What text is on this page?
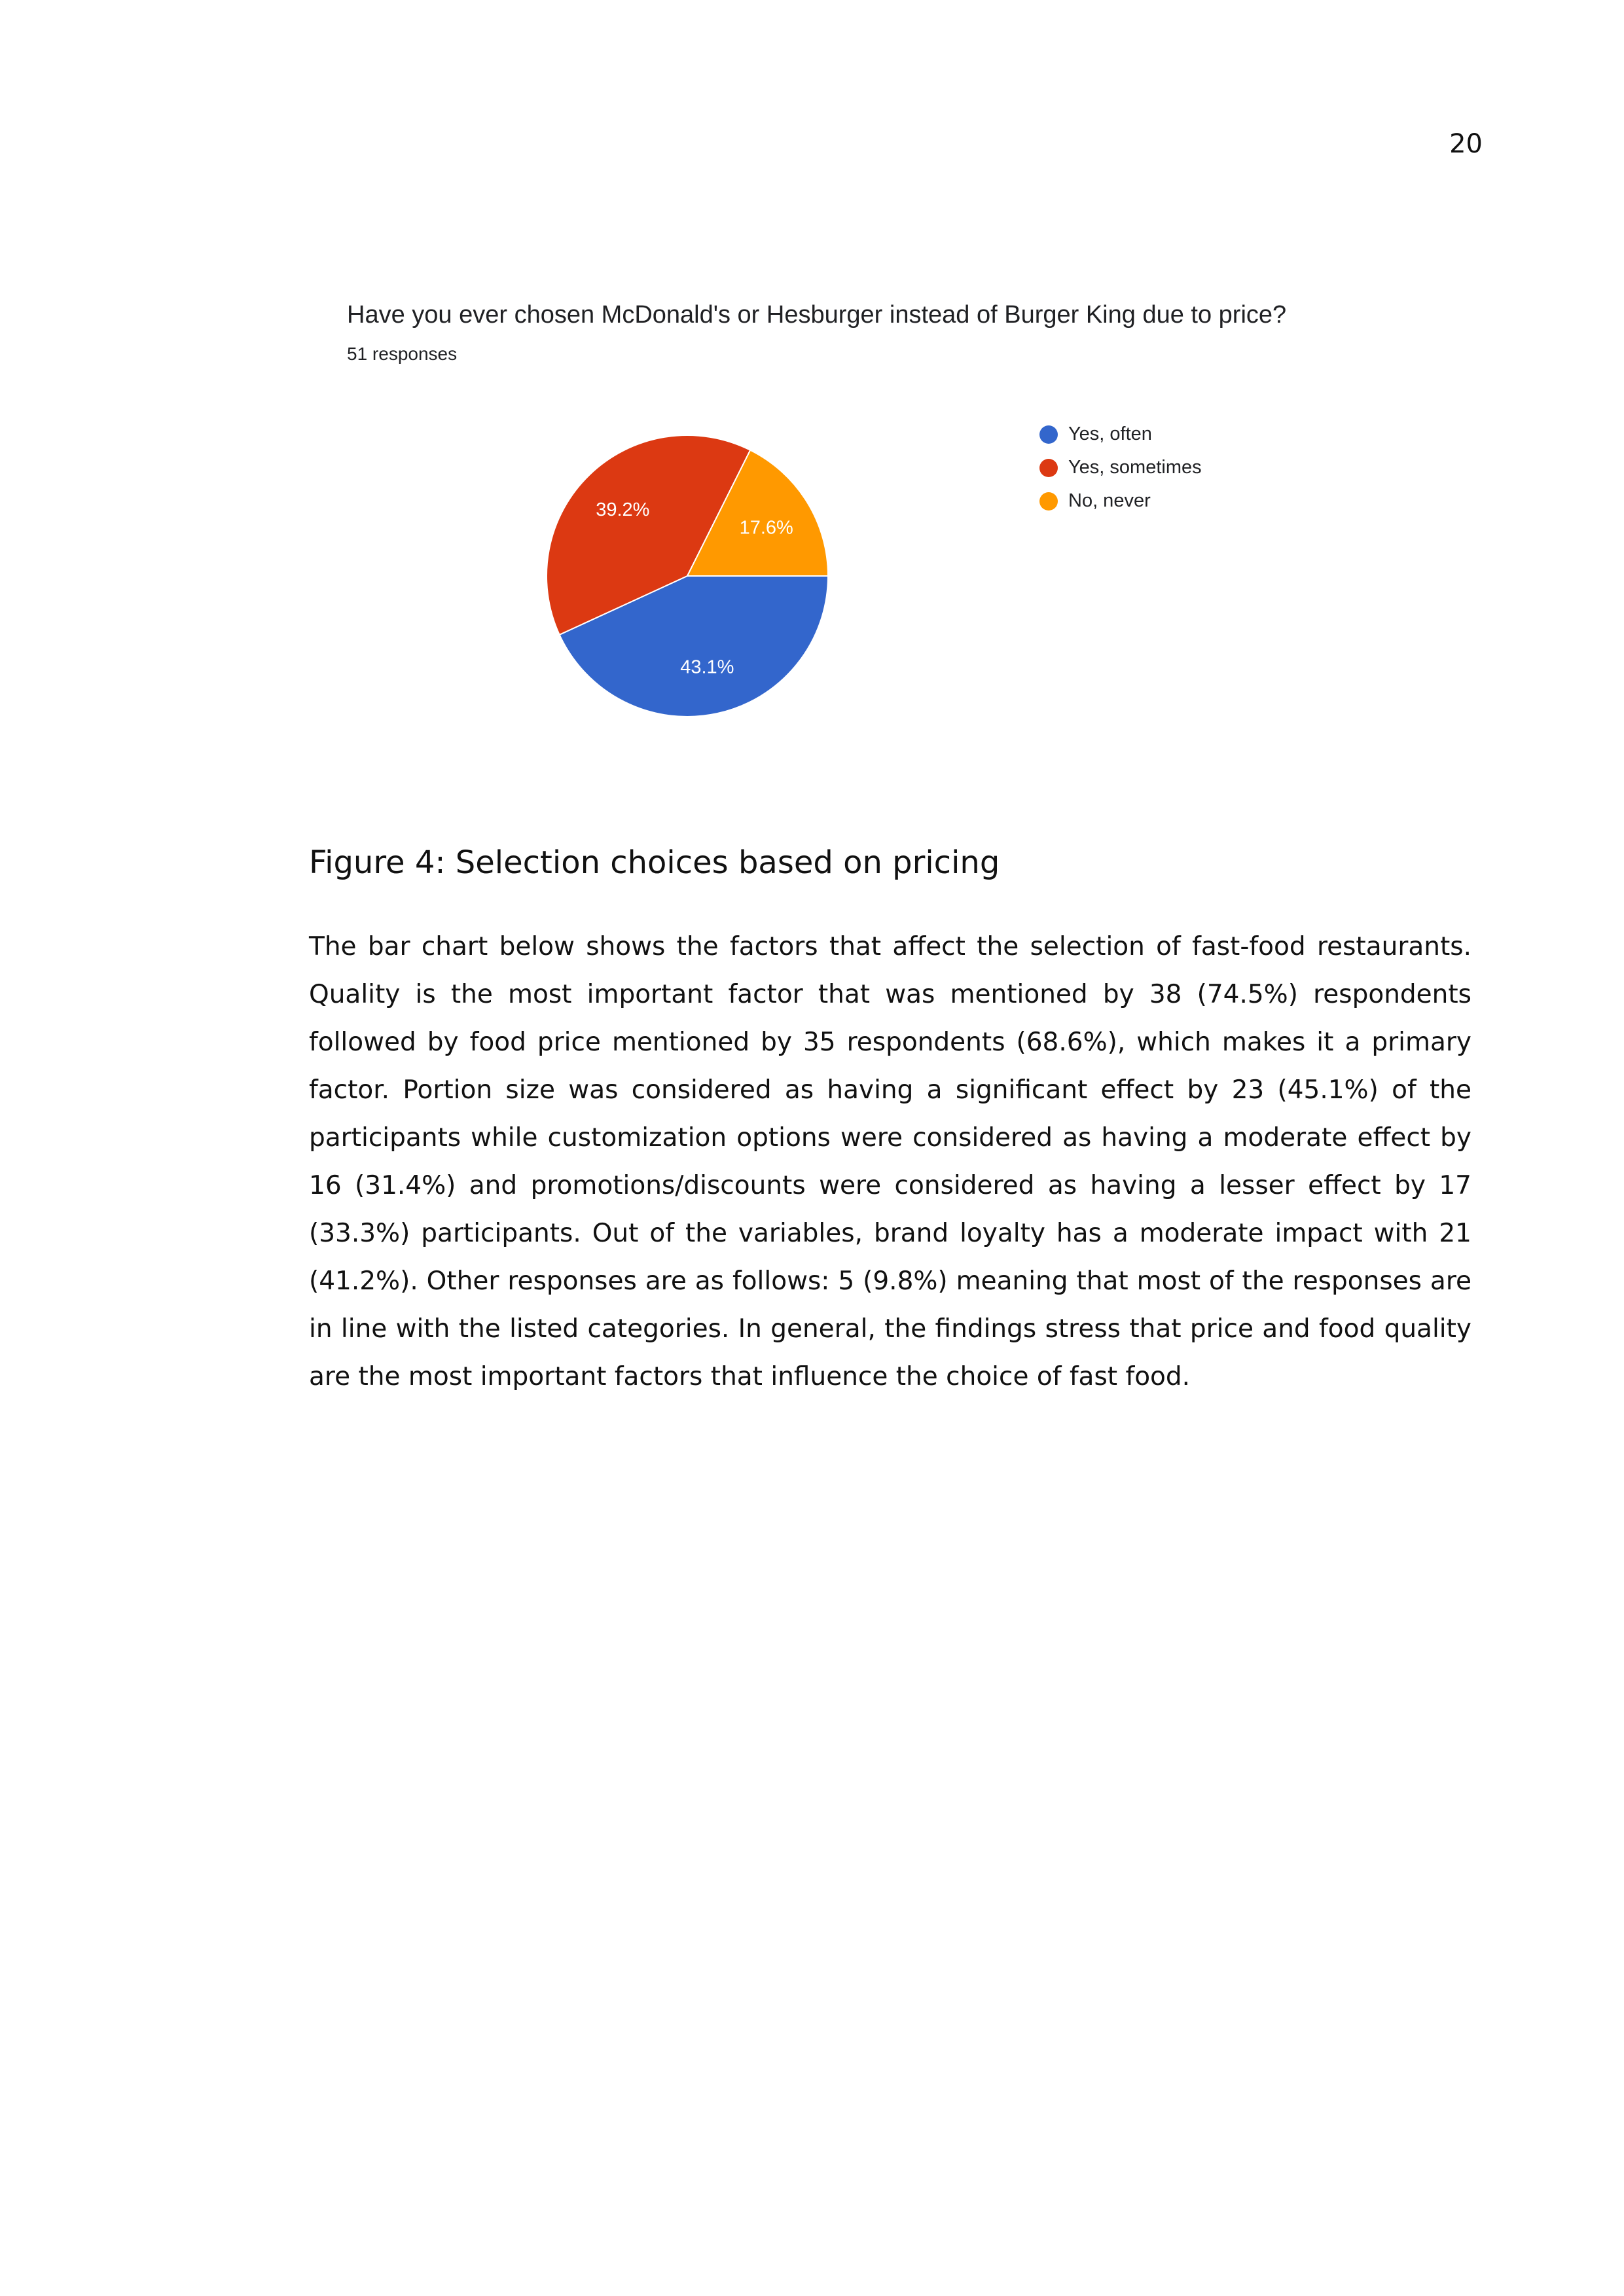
20
Have you ever chosen McDonald's or Hesburger instead of Burger King due to price?
51 responses
43.1%
39.2%
17.6%
Yes, often
Yes, sometimes
No, never
Figure 4: Selection choices based on pricing

The bar chart below shows the factors that affect the selection of fast-food restaurants. Quality is the most important factor that was mentioned by 38 (74.5%) respondents followed by food price mentioned by 35 respondents (68.6%), which makes it a primary factor. Portion size was considered as having a significant effect by 23 (45.1%) of the participants while customization options were considered as having a moderate effect by 16 (31.4%) and promotions/discounts were considered as having a lesser effect by 17 (33.3%) participants. Out of the variables, brand loyalty has a moderate impact with 21 (41.2%). Other responses are as follows: 5 (9.8%) meaning that most of the responses are in line with the listed categories. In general, the findings stress that price and food quality are the most important factors that influence the choice of fast food.
